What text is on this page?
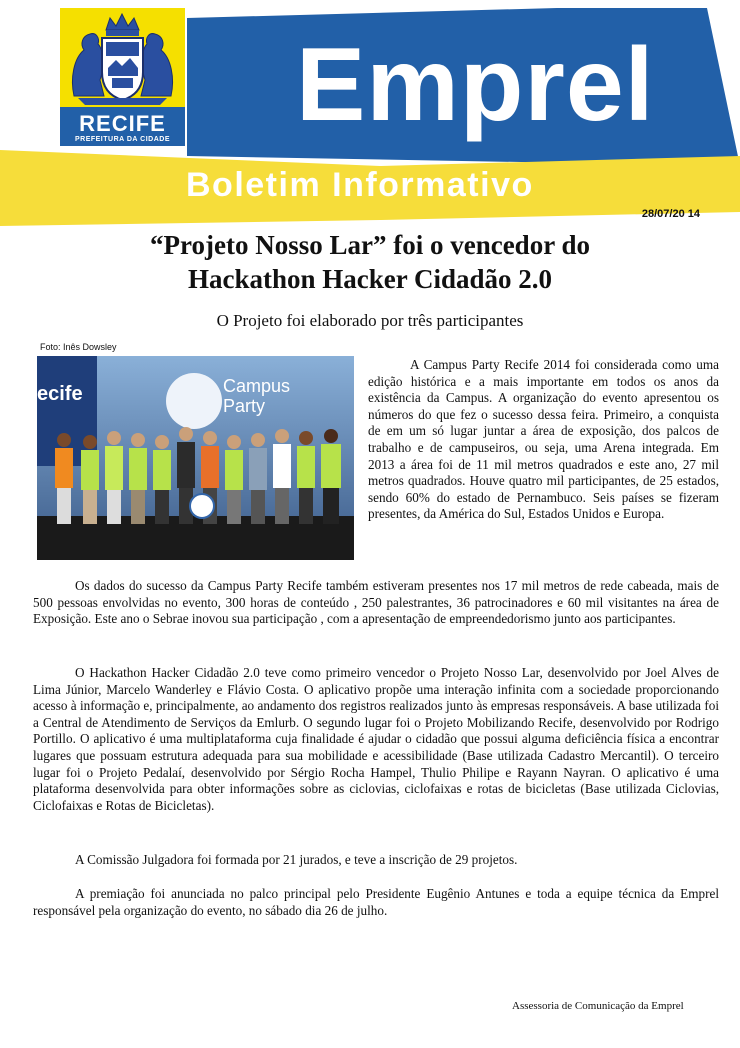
RECIFE
PREFEITURA DA CIDADE Emprel
Boletim Informativo
28/07/20 14
“Projeto Nosso Lar” foi o vencedor do
Hackathon Hacker Cidadão 2.0
O Projeto foi elaborado por três participantes
Foto: Inês Dowsley
ecife	Campus
Party
A Campus Party Recife 2014 foi considerada como uma edição histórica e a mais importante em todos os anos da existência da Campus. A organização do evento apresentou os números do que fez o sucesso dessa feira. Primeiro, a conquista de em um só lugar juntar a área de exposição, dos palcos de trabalho e de campuseiros, ou seja, uma Arena integrada. Em 2013 a área foi de 11 mil metros quadrados e este ano, 27 mil metros quadrados. Houve quatro mil participantes, de 25 estados, sendo 60% do estado de Pernambuco. Seis países se fizeram presentes, da América do Sul, Estados Unidos e Europa.
Os dados do sucesso da Campus Party Recife também estiveram presentes nos 17 mil metros de rede cabeada, mais de 500 pessoas envolvidas no evento, 300 horas de conteúdo , 250 palestrantes, 36 patrocinadores e 60 mil visitantes na área de Exposição. Este ano o Sebrae inovou sua participação , com a apresentação de empreendedorismo junto aos participantes.
O Hackathon Hacker Cidadão 2.0 teve como primeiro vencedor o Projeto Nosso Lar, desenvolvido por Joel Alves de Lima Júnior, Marcelo Wanderley e Flávio Costa. O aplicativo propõe uma interação infinita com a sociedade proporcionando acesso à informação e, principalmente, ao andamento dos registros realizados junto às empresas responsáveis. A base utilizada foi a Central de Atendimento de Serviços da Emlurb. O segundo lugar foi o Projeto Mobilizando Recife, desenvolvido por Rodrigo Portillo. O aplicativo é uma multiplataforma cuja finalidade é ajudar o cidadão que possui alguma deficiência física a encontrar lugares que possuam estrutura adequada para sua mobilidade e acessibilidade (Base utilizada Cadastro Mercantil). O terceiro lugar foi o Projeto Pedalaí, desenvolvido por Sérgio Rocha Hampel, Thulio Philipe e Rayann Nayran. O aplicativo é uma plataforma desenvolvida para obter informações sobre as ciclovias, ciclofaixas e rotas de bicicletas (Base utilizada Ciclovias, Ciclofaixas e Rotas de Bicicletas).
A Comissão Julgadora foi formada por 21 jurados, e teve a inscrição de 29 projetos.
A premiação foi anunciada no palco principal pelo Presidente Eugênio Antunes e toda a equipe técnica da Emprel responsável pela organização do evento, no sábado dia 26 de julho.
Assessoria de Comunicação da Emprel
